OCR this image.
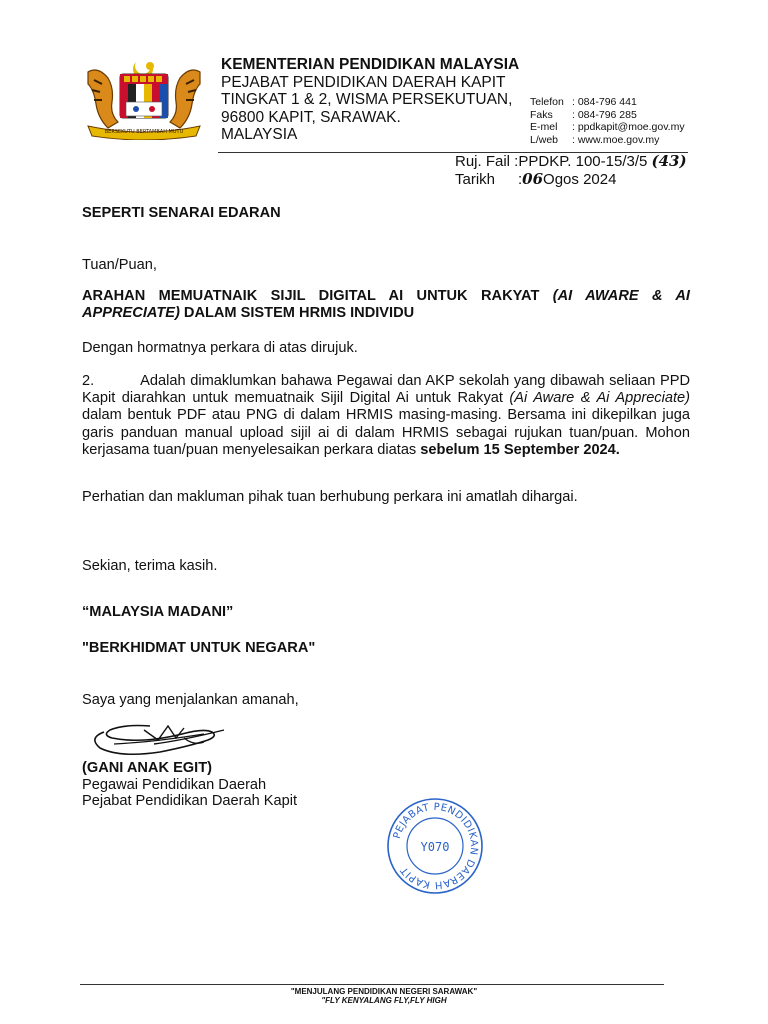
BERSEKUTU BERTAMBAH MUTU
KEMENTERIAN PENDIDIKAN MALAYSIA
PEJABAT PENDIDIKAN DAERAH KAPIT
TINGKAT 1 & 2, WISMA PERSEKUTUAN,
96800 KAPIT, SARAWAK.
MALAYSIA
Telefon : 084-796 441
Faks : 084-796 285
E-mel : ppdkapit@moe.gov.my
L/web : www.moe.gov.my
Ruj. Fail :PPDKP. 100-15/3/5 (43)
Tarikh :06Ogos 2024
SEPERTI SENARAI EDARAN
Tuan/Puan,
ARAHAN MEMUATNAIK SIJIL DIGITAL AI UNTUK RAKYAT (AI AWARE & AI APPRECIATE) DALAM SISTEM HRMIS INDIVIDU
Dengan hormatnya perkara di atas dirujuk.
2.	Adalah dimaklumkan bahawa Pegawai dan AKP sekolah yang dibawah seliaan PPD Kapit diarahkan untuk memuatnaik Sijil Digital Ai untuk Rakyat (Ai Aware & Ai Appreciate) dalam bentuk PDF atau PNG di dalam HRMIS masing-masing. Bersama ini dikepilkan juga garis panduan manual upload sijil ai di dalam HRMIS sebagai rujukan tuan/puan. Mohon kerjasama tuan/puan menyelesaikan perkara diatas sebelum 15 September 2024.
Perhatian dan makluman pihak tuan berhubung perkara ini amatlah dihargai.
Sekian, terima kasih.
“MALAYSIA MADANI”
"BERKHIDMAT UNTUK NEGARA"
Saya yang menjalankan amanah,
(GANI ANAK EGIT)
Pegawai Pendidikan Daerah
Pejabat Pendidikan Daerah Kapit
PEJABAT PENDIDIKAN DAERAH KAPIT
Y070
"MENJULANG PENDIDIKAN NEGERI SARAWAK"
"FLY KENYALANG FLY,FLY HIGH
